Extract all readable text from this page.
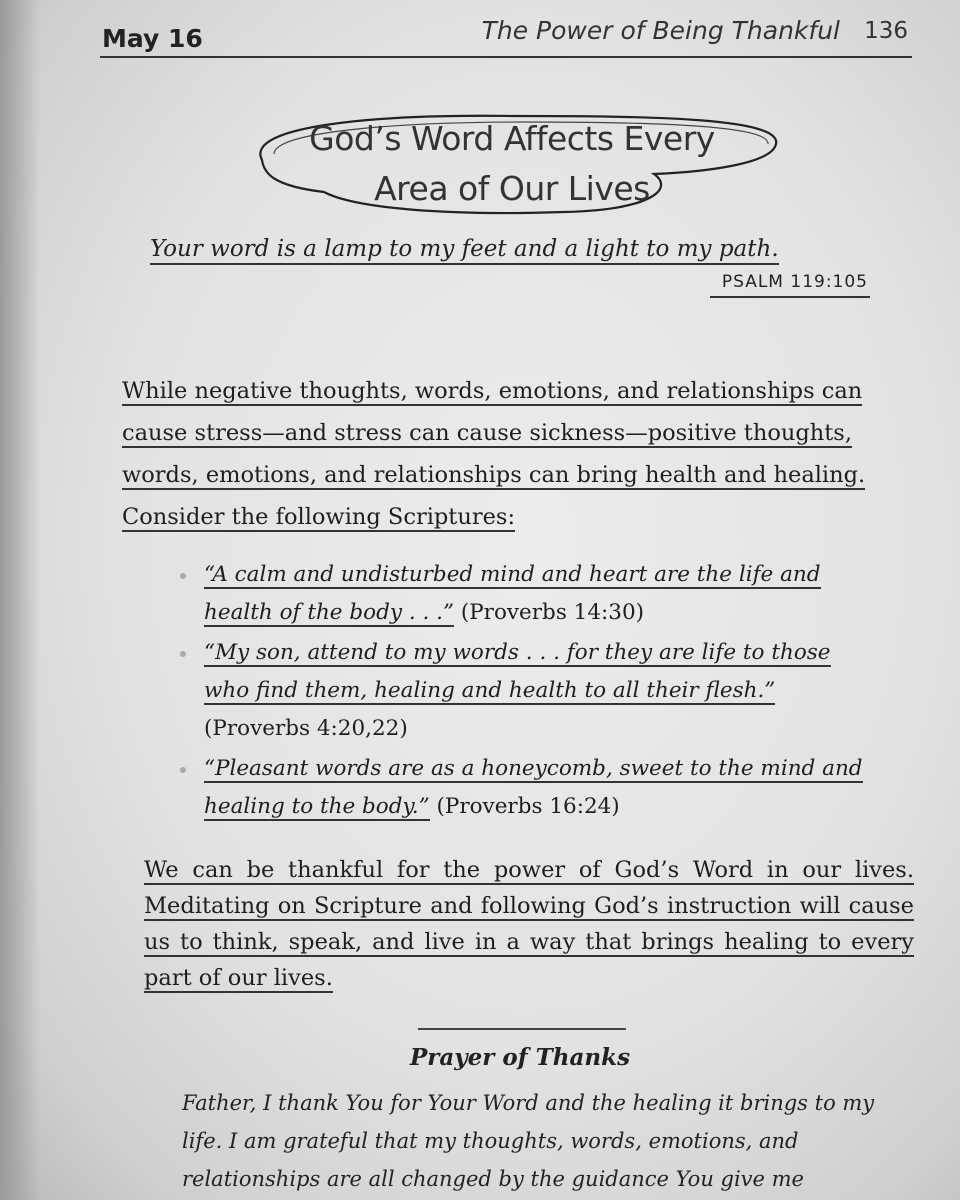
May 16	The Power of Being Thankful 136
God’s Word Affects Every
Area of Our Lives
Your word is a lamp to my feet and a light to my path.
PSALM 119:105
While negative thoughts, words, emotions, and relationships can cause stress—and stress can cause sickness—positive thoughts, words, emotions, and relationships can bring health and healing. Consider the following Scriptures:
“A calm and undisturbed mind and heart are the life and health of the body . . .” (Proverbs 14:30)
“My son, attend to my words . . . for they are life to those who find them, healing and health to all their flesh.” (Proverbs 4:20,22)
“Pleasant words are as a honeycomb, sweet to the mind and healing to the body.” (Proverbs 16:24)
We can be thankful for the power of God’s Word in our lives. Meditating on Scripture and following God’s instruction will cause us to think, speak, and live in a way that brings healing to every part of our lives.
Prayer of Thanks
Father, I thank You for Your Word and the healing it brings to my life. I am grateful that my thoughts, words, emotions, and relationships are all changed by the guidance You give me
